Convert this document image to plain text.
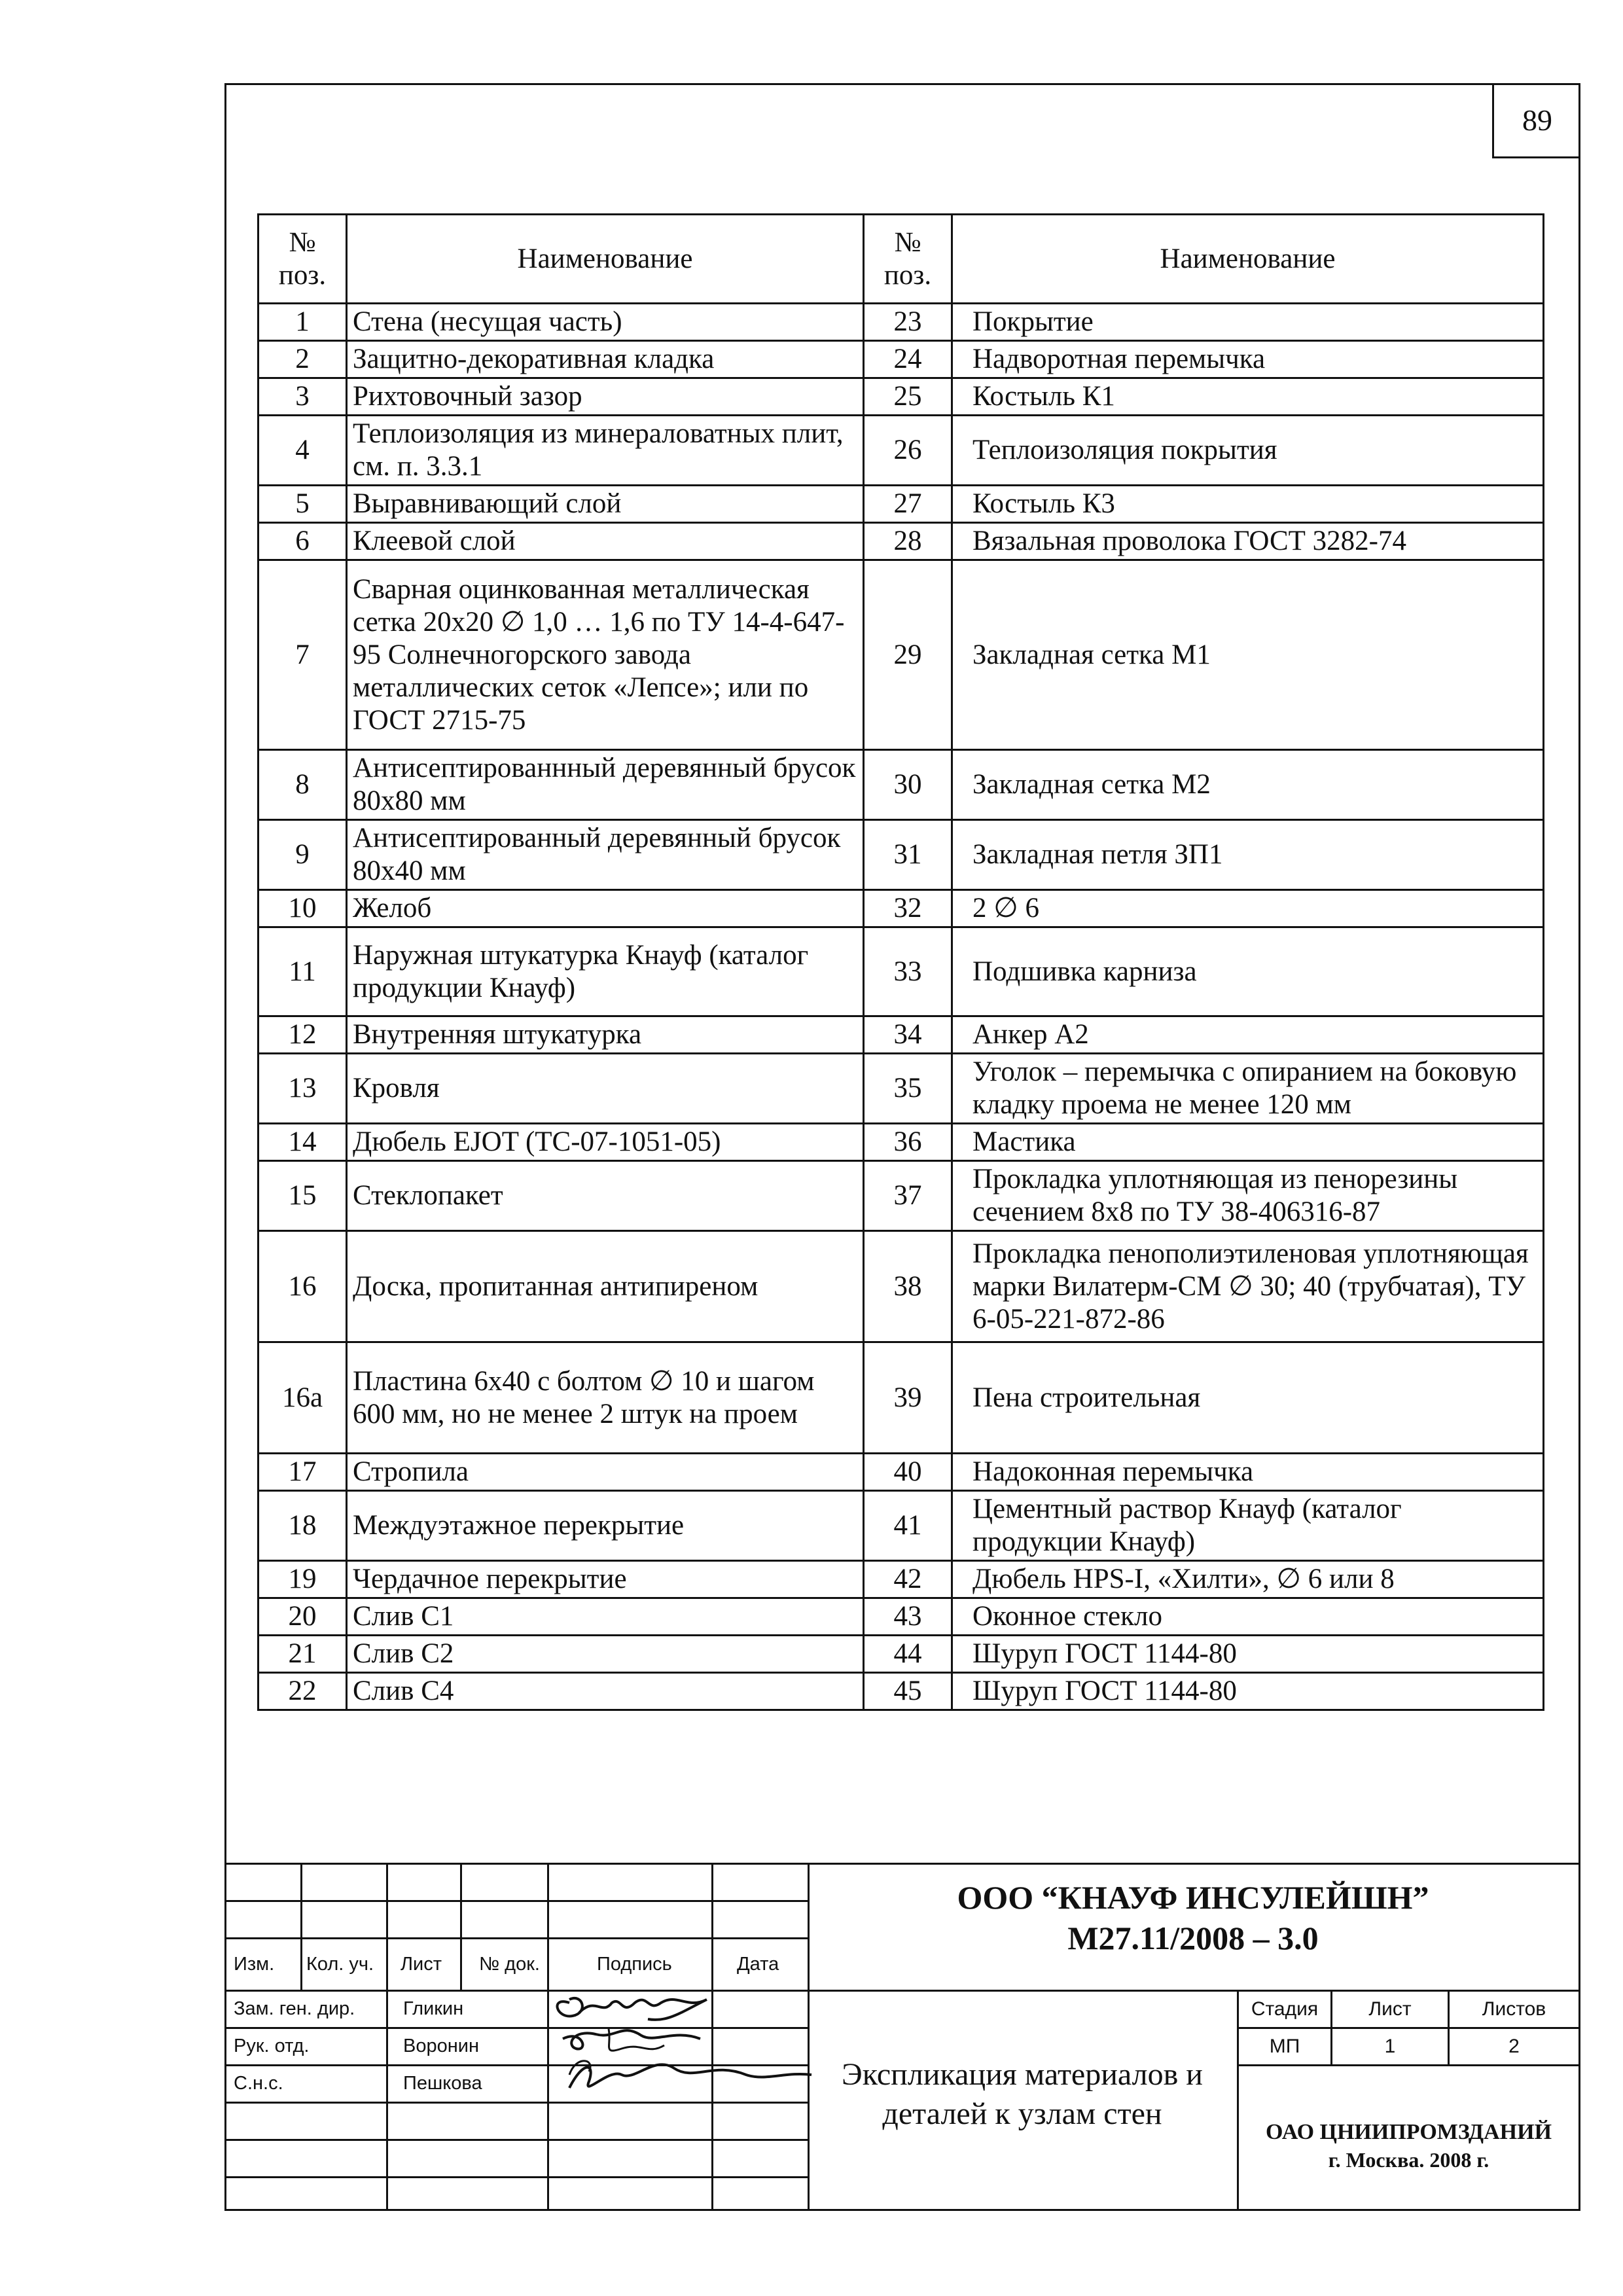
89
№ поз.	Наименование	№ поз.	Наименование
1	Стена (несущая часть)	23	Покрытие
2	Защитно-декоративная кладка	24	Надворотная перемычка
3	Рихтовочный зазор	25	Костыль К1
4	Теплоизоляция из минераловатных плит, см. п. 3.3.1	26	Теплоизоляция покрытия
5	Выравнивающий слой	27	Костыль К3
6	Клеевой слой	28	Вязальная проволока ГОСТ 3282-74
7	Сварная оцинкованная металлическая сетка 20х20 ∅ 1,0 … 1,6 по ТУ 14-4-647-95 Солнечногорского завода металлических сеток «Лепсе»; или по ГОСТ 2715-75	29	Закладная сетка М1
8	Антисептированнный деревянный брусок 80х80 мм	30	Закладная сетка М2
9	Антисептированный деревянный брусок 80х40 мм	31	Закладная петля ЗП1
10	Желоб	32	2 ∅ 6
11	Наружная штукатурка Кнауф (каталог продукции Кнауф)	33	Подшивка карниза
12	Внутренняя штукатурка	34	Анкер А2
13	Кровля	35	Уголок – перемычка с опиранием на боковую кладку проема не менее 120 мм
14	Дюбель EJOT (ТС-07-1051-05)	36	Мастика
15	Стеклопакет	37	Прокладка уплотняющая из пенорезины сечением 8х8 по ТУ 38-406316-87
16	Доска, пропитанная антипиреном	38	Прокладка пенополиэтиленовая уплотняющая марки Вилатерм-СМ ∅ 30; 40 (трубчатая), ТУ 6-05-221-872-86
16а	Пластина 6х40 с болтом ∅ 10 и шагом 600 мм, но не менее 2 штук на проем	39	Пена строительная
17	Стропила	40	Надоконная перемычка
18	Междуэтажное перекрытие	41	Цементный раствор Кнауф (каталог продукции Кнауф)
19	Чердачное перекрытие	42	Дюбель HPS-I, «Хилти», ∅ 6 или 8
20	Слив С1	43	Оконное стекло
21	Слив С2	44	Шуруп ГОСТ 1144-80
22	Слив С4	45	Шуруп ГОСТ 1144-80
Изм. Кол. уч. Лист № док.	Подпись	Дата
Зам. ген. дир.	Гликин
Рук. отд.	Воронин
С.н.с.	Пешкова
ООО “КНАУФ ИНСУЛЕЙШН”
М27.11/2008 – 3.0
Экспликация материалов и деталей к узлам стен
Стадия	Лист	Листов
МП	1	2
ОАО ЦНИИПРОМЗДАНИЙ
г. Москва. 2008 г.
